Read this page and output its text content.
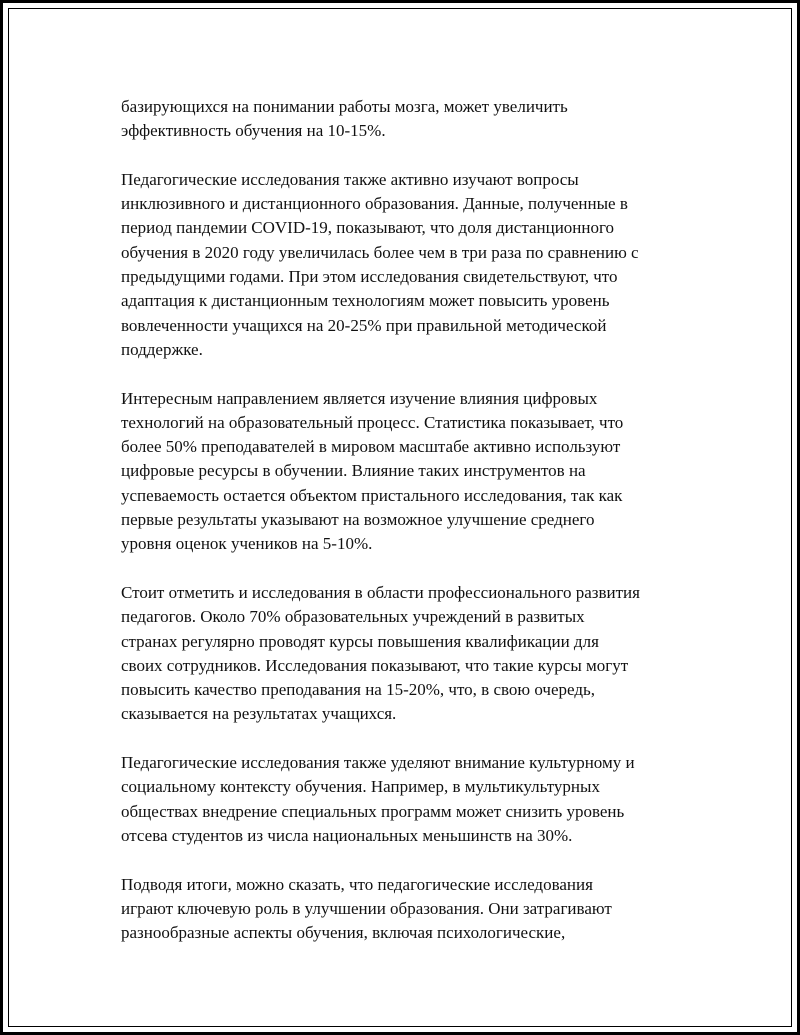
базирующихся на понимании работы мозга, может увеличить
эффективность обучения на 10-15%.

Педагогические исследования также активно изучают вопросы
инклюзивного и дистанционного образования. Данные, полученные в
период пандемии COVID-19, показывают, что доля дистанционного
обучения в 2020 году увеличилась более чем в три раза по сравнению с
предыдущими годами. При этом исследования свидетельствуют, что
адаптация к дистанционным технологиям может повысить уровень
вовлеченности учащихся на 20-25% при правильной методической
поддержке.

Интересным направлением является изучение влияния цифровых
технологий на образовательный процесс. Статистика показывает, что
более 50% преподавателей в мировом масштабе активно используют
цифровые ресурсы в обучении. Влияние таких инструментов на
успеваемость остается объектом пристального исследования, так как
первые результаты указывают на возможное улучшение среднего
уровня оценок учеников на 5-10%.

Стоит отметить и исследования в области профессионального развития
педагогов. Около 70% образовательных учреждений в развитых
странах регулярно проводят курсы повышения квалификации для
своих сотрудников. Исследования показывают, что такие курсы могут
повысить качество преподавания на 15-20%, что, в свою очередь,
сказывается на результатах учащихся.

Педагогические исследования также уделяют внимание культурному и
социальному контексту обучения. Например, в мультикультурных
обществах внедрение специальных программ может снизить уровень
отсева студентов из числа национальных меньшинств на 30%.

Подводя итоги, можно сказать, что педагогические исследования
играют ключевую роль в улучшении образования. Они затрагивают
разнообразные аспекты обучения, включая психологические,
